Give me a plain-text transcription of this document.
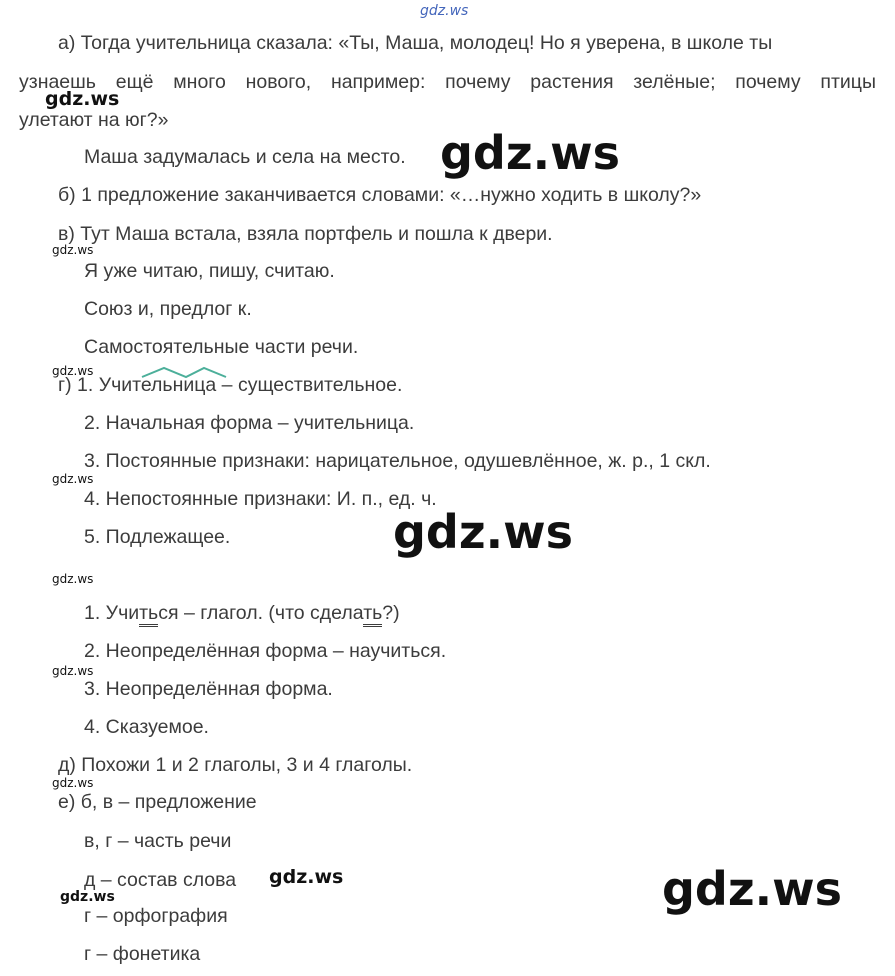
gdz.ws
а) Тогда учительница сказала: «Ты, Маша, молодец! Но я уверена, в школе ты
узнаешь ещё много нового, например: почему растения зелёные; почему птицы
gdz.ws
улетают на юг?»
Маша задумалась и села на место. gdz.ws
б) 1 предложение заканчивается словами: «…нужно ходить в школу?»
в) Тут Маша встала, взяла портфель и пошла к двери.
gdz.ws
Я уже читаю, пишу, считаю.
Союз и, предлог к.
Самостоятельные части речи.
gdz.ws
г) 1. Учительница – существительное.
2. Начальная форма – учительница.
3. Постоянные признаки: нарицательное, одушевлённое, ж. р., 1 скл.
gdz.ws
4. Непостоянные признаки: И. п., ед. ч.
5. Подлежащее.	gdz.ws
gdz.ws
1. Учиться – глагол. (что сделать?)
2. Неопределённая форма – научиться.
gdz.ws
3. Неопределённая форма.
4. Сказуемое.
д) Похожи 1 и 2 глаголы, 3 и 4 глаголы.
gdz.ws
е) б, в – предложение
в, г – часть речи
д – состав слова gdz.ws
gdz.ws
г – орфография
г – фонетика
gdz.ws
